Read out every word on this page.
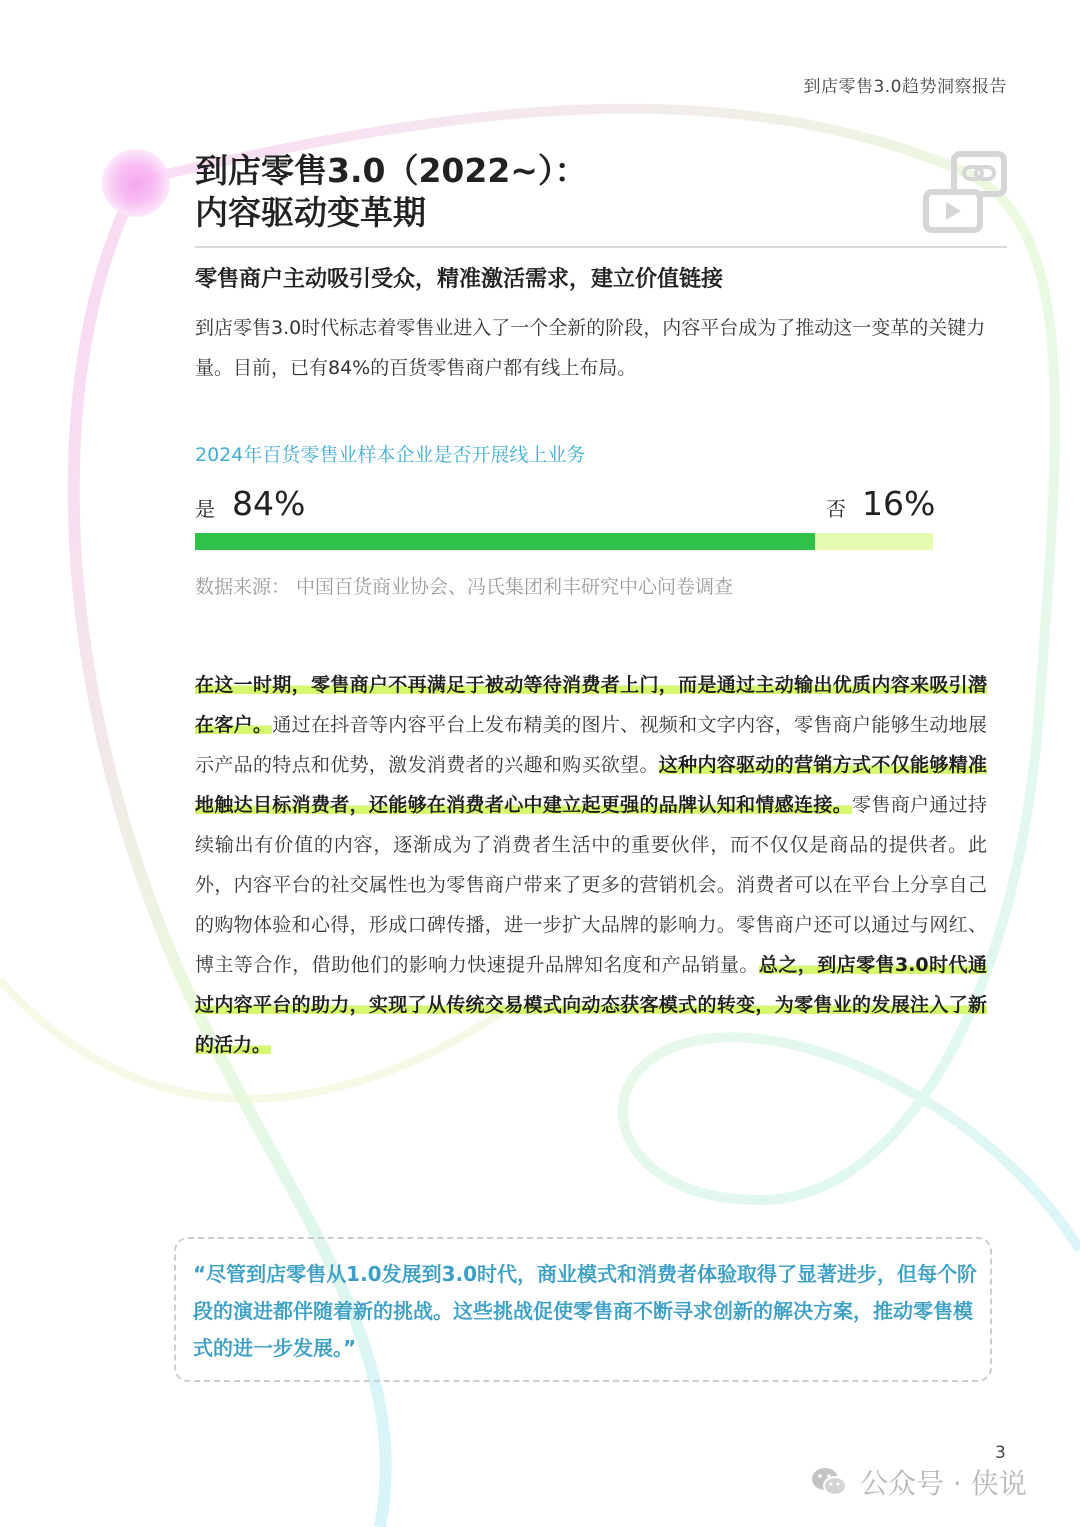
到店零售3.0趋势洞察报告
到店零售3.0（2022~）：
内容驱动变革期
零售商户主动吸引受众，精准激活需求，建立价值链接
到店零售3.0时代标志着零售业进入了一个全新的阶段，内容平台成为了推动这一变革的关键力量。目前，已有84%的百货零售商户都有线上布局。
2024年百货零售业样本企业是否开展线上业务
是 84%	否 16%
数据来源： 中国百货商业协会、冯氏集团利丰研究中心问卷调查
在这一时期，零售商户不再满足于被动等待消费者上门，而是通过主动输出优质内容来吸引潜在客户。通过在抖音等内容平台上发布精美的图片、视频和文字内容，零售商户能够生动地展示产品的特点和优势，激发消费者的兴趣和购买欲望。这种内容驱动的营销方式不仅能够精准地触达目标消费者，还能够在消费者心中建立起更强的品牌认知和情感连接。零售商户通过持续输出有价值的内容，逐渐成为了消费者生活中的重要伙伴，而不仅仅是商品的提供者。此外，内容平台的社交属性也为零售商户带来了更多的营销机会。消费者可以在平台上分享自己的购物体验和心得，形成口碑传播，进一步扩大品牌的影响力。零售商户还可以通过与网红、博主等合作，借助他们的影响力快速提升品牌知名度和产品销量。总之，到店零售3.0时代通过内容平台的助力，实现了从传统交易模式向动态获客模式的转变，为零售业的发展注入了新的活力。
“尽管到店零售从1.0发展到3.0时代，商业模式和消费者体验取得了显著进步，但每个阶段的演进都伴随着新的挑战。这些挑战促使零售商不断寻求创新的解决方案，推动零售模式的进一步发展。”
3
公众号 · 侠说
